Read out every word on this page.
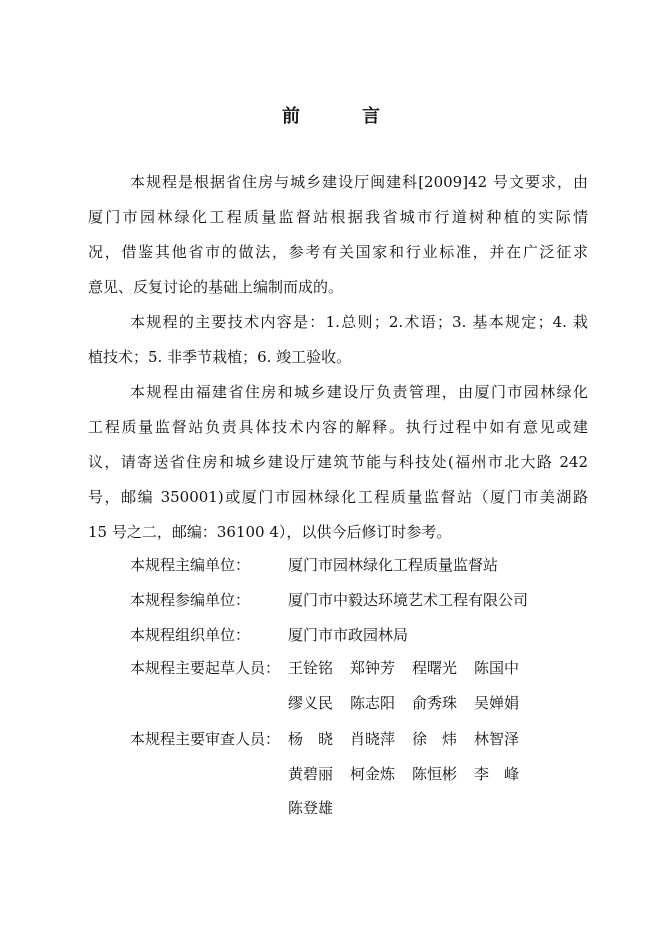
前　言
本规程是根据省住房与城乡建设厅闽建科[2009]42 号文要求，由
厦门市园林绿化工程质量监督站根据我省城市行道树种植的实际情
况，借鉴其他省市的做法，参考有关国家和行业标准，并在广泛征求
意见、反复讨论的基础上编制而成的。
本规程的主要技术内容是：1.总则；2.术语；3. 基本规定；4. 栽
植技术；5. 非季节栽植；6. 竣工验收。
本规程由福建省住房和城乡建设厅负责管理，由厦门市园林绿化
工程质量监督站负责具体技术内容的解释。执行过程中如有意见或建
议，请寄送省住房和城乡建设厅建筑节能与科技处(福州市北大路 242
号，邮编 350001)或厦门市园林绿化工程质量监督站（厦门市美湖路
15 号之二，邮编：36100 4），以供今后修订时参考。
本规程主编单位：	厦门市园林绿化工程质量监督站
本规程参编单位：	厦门市中毅达环境艺术工程有限公司
本规程组织单位：	厦门市市政园林局
本规程主要起草人员： 王铨铭	郑钟芳	程曙光	陈国中
缪义民	陈志阳	俞秀珠	吴婵娟
本规程主要审查人员： 杨　晓	肖晓萍	徐　炜	林智泽
黄碧丽	柯金炼	陈恒彬	李　峰
陈登雄
